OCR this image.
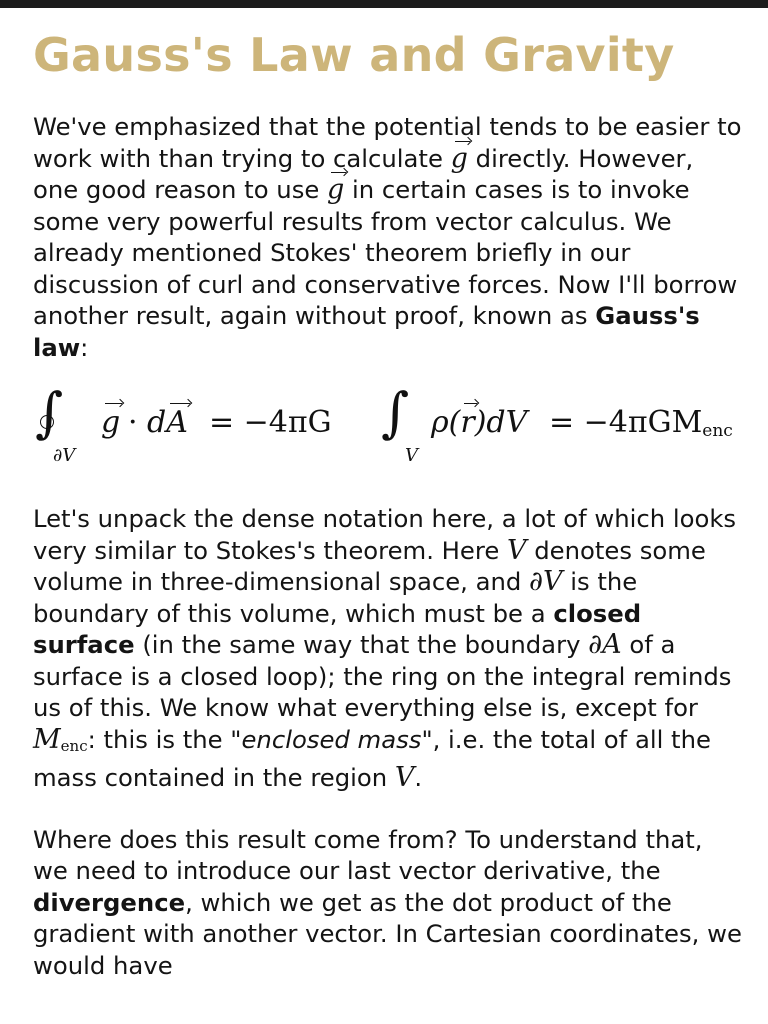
Gauss's Law and Gravity

We've emphasized that the potential tends to be easier to work with than trying to calculate g directly. However, one good reason to use g in certain cases is to invoke some very powerful results from vector calculus. We already mentioned Stokes' theorem briefly in our discussion of curl and conservative forces. Now I'll borrow another result, again without proof, known as Gauss's law:

∫
∂V
g · dA = −4πG ∫
V
ρ(r)dV = −4πGMenc

Let's unpack the dense notation here, a lot of which looks very similar to Stokes's theorem. Here V denotes some volume in three-dimensional space, and ∂V is the boundary of this volume, which must be a closed surface (in the same way that the boundary ∂A of a surface is a closed loop); the ring on the integral reminds us of this. We know what everything else is, except for $M_{enc}$: this is the "enclosed mass", i.e. the total of all the mass contained in the region V.

Where does this result come from? To understand that, we need to introduce our last vector derivative, the divergence, which we get as the dot product of the gradient with another vector. In Cartesian coordinates, we would have
